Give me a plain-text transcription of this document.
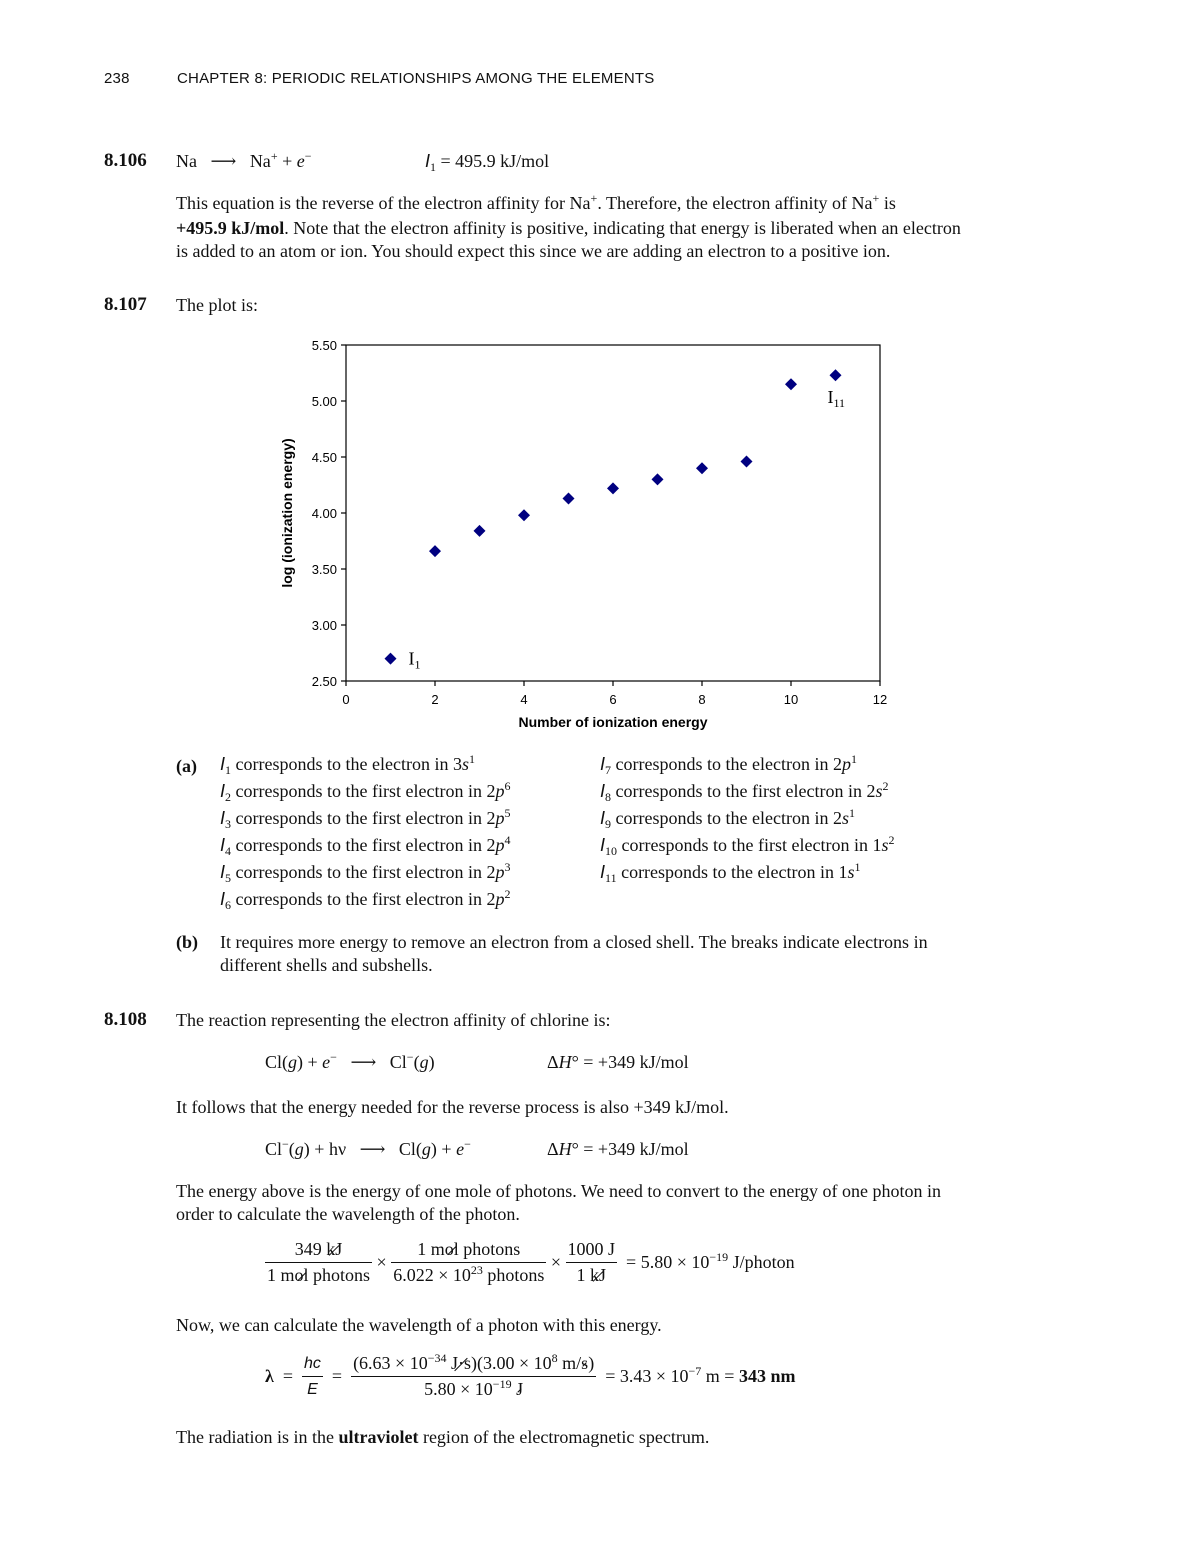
238	CHAPTER 8: PERIODIC RELATIONSHIPS AMONG THE ELEMENTS
8.106 Na ⟶ Na+ + e−	$I_1 = 495.9$ kJ/mol
This equation is the reverse of the electron affinity for Na+. Therefore, the electron affinity of Na+ is
+495.9 kJ/mol. Note that the electron affinity is positive, indicating that energy is liberated when an electron
is added to an atom or ion. You should expect this since we are adding an electron to a positive ion.
8.107 The plot is:
2.50
3.00
3.50
4.00
4.50
5.00
5.50
0	2	4	6	8	10	12
Number of ionization energy
log (ionization energy)
$I_1$
$I_{11}$
(a) $I_1$ corresponds to the electron in $3s^1$
$I_2$ corresponds to the first electron in $2p^6$
$I_3$ corresponds to the first electron in $2p^5$
$I_4$ corresponds to the first electron in $2p^4$
$I_5$ corresponds to the first electron in $2p^3$
$I_6$ corresponds to the first electron in $2p^2$
$I_7$ corresponds to the electron in $2p^1$
$I_8$ corresponds to the first electron in $2s^2$
$I_9$ corresponds to the electron in $2s^1$
$I_{10}$ corresponds to the first electron in $1s^2$
$I_{11}$ corresponds to the electron in $1s^1$
(b) It requires more energy to remove an electron from a closed shell. The breaks indicate electrons in
different shells and subshells.
8.108 The reaction representing the electron affinity of chlorine is:
Cl(g) + e− ⟶ Cl−(g)	ΔH° = +349 kJ/mol
It follows that the energy needed for the reverse process is also +349 kJ/mol.
Cl−(g) + hν   ⟶   Cl(g) + e−	ΔH° = +349 kJ/mol
The energy above is the energy of one mole of photons. We need to convert to the energy of one photon in
order to calculate the wavelength of the photon.
$\frac{349 kJ}{\text{1 mol photons}} \times \frac{\text{1 mol photons}}{6.022 \times 10^{23} photons} \times \frac{1000 J}{1 kJ} = 5.80 \times 10^{-19}$ J/photon
Now, we can calculate the wavelength of a photon with this energy.
$\lambda = \frac{hc}{E} = \frac{(6.63 \times 10^{-34} J\cdot s)(3.00 \times 10^8 m/s)}{5.80 \times 10^{-19} J} = 3.43 \times 10^{-7}$ m = 343 nm
The radiation is in the ultraviolet region of the electromagnetic spectrum.
